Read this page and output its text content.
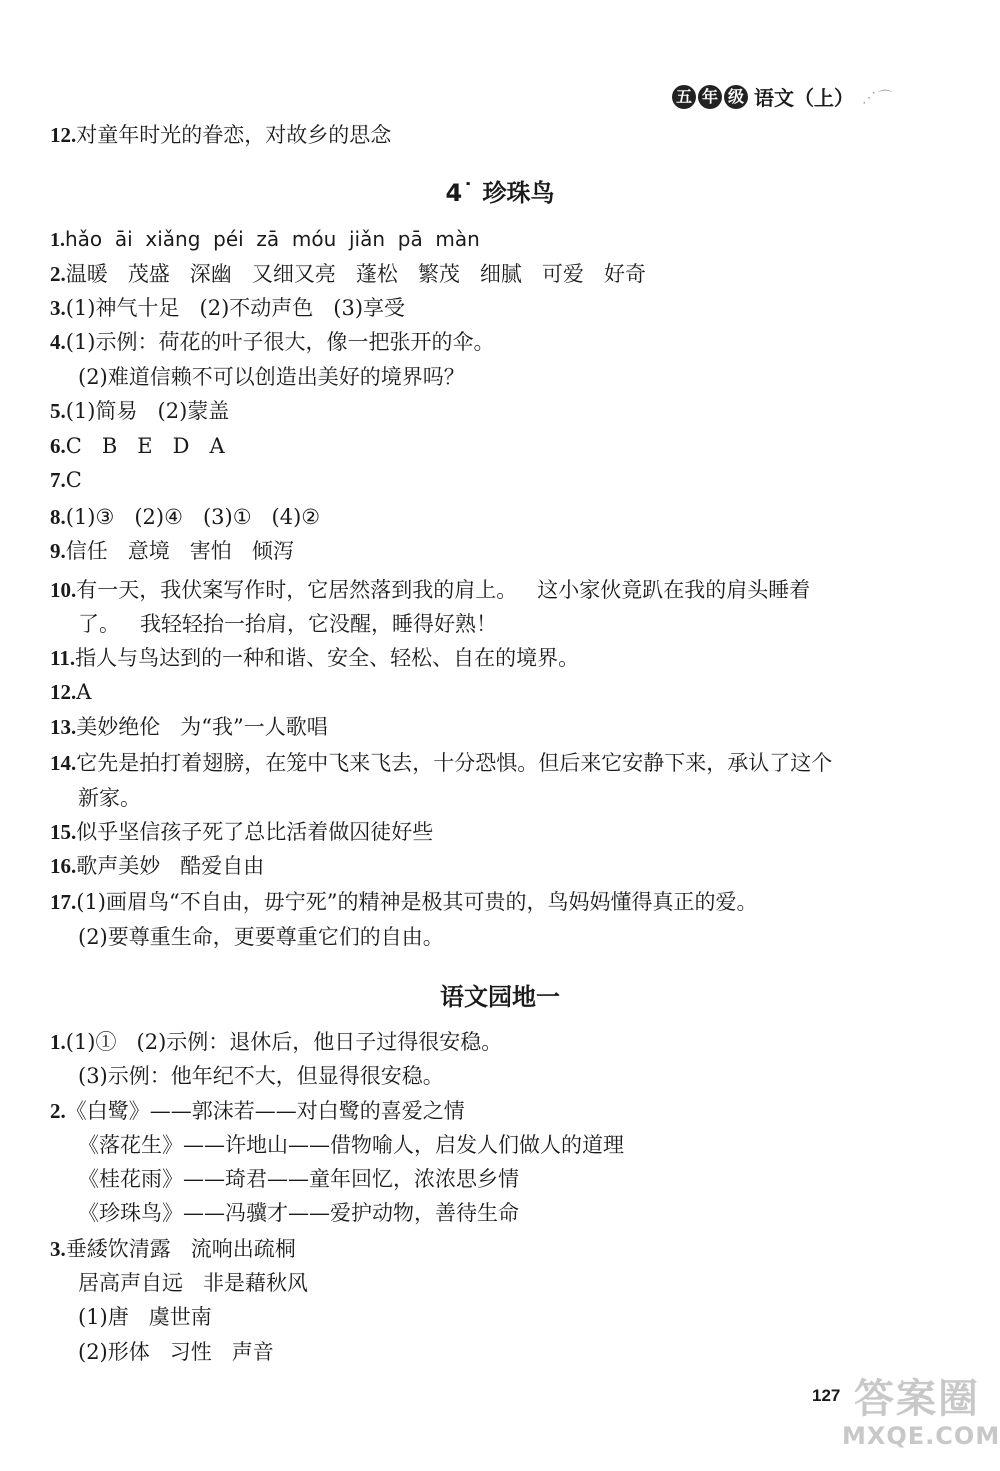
五 年 级 语文（上） ⋰⌒
12.对童年时光的眷恋，对故乡的思念
4˙ 珍珠鸟
1.hǎo  āi  xiǎng  péi  zā  móu  jiǎn  pā  màn
2.温暖   茂盛   深幽   又细又亮   蓬松   繁茂   细腻   可爱   好奇
3.(1)神气十足   (2)不动声色   (3)享受
4.(1)示例：荷花的叶子很大，像一把张开的伞。
(2)难道信赖不可以创造出美好的境界吗？
5.(1)简易   (2)蒙盖
6.C   B   E   D   A
7.C
8.(1)③   (2)④   (3)①   (4)②
9.信任   意境   害怕   倾泻
10.有一天，我伏案写作时，它居然落到我的肩上。   这小家伙竟趴在我的肩头睡着
了。   我轻轻抬一抬肩，它没醒，睡得好熟！
11.指人与鸟达到的一种和谐、安全、轻松、自在的境界。
12.A
13.美妙绝伦   为“我”一人歌唱
14.它先是拍打着翅膀，在笼中飞来飞去，十分恐惧。但后来它安静下来，承认了这个
新家。
15.似乎坚信孩子死了总比活着做囚徒好些
16.歌声美妙   酷爱自由
17.(1)画眉鸟“不自由，毋宁死”的精神是极其可贵的，鸟妈妈懂得真正的爱。
(2)要尊重生命，更要尊重它们的自由。
语文园地一
1.(1)①   (2)示例：退休后，他日子过得很安稳。
(3)示例：他年纪不大，但显得很安稳。
2.《白鹭》——郭沫若——对白鹭的喜爱之情
《落花生》——许地山——借物喻人，启发人们做人的道理
《桂花雨》——琦君——童年回忆，浓浓思乡情
《珍珠鸟》——冯骥才——爱护动物，善待生命
3.垂緌饮清露   流响出疏桐
居高声自远   非是藉秋风
(1)唐   虞世南
(2)形体   习性   声音
127 答案圈
MXQE.COM
